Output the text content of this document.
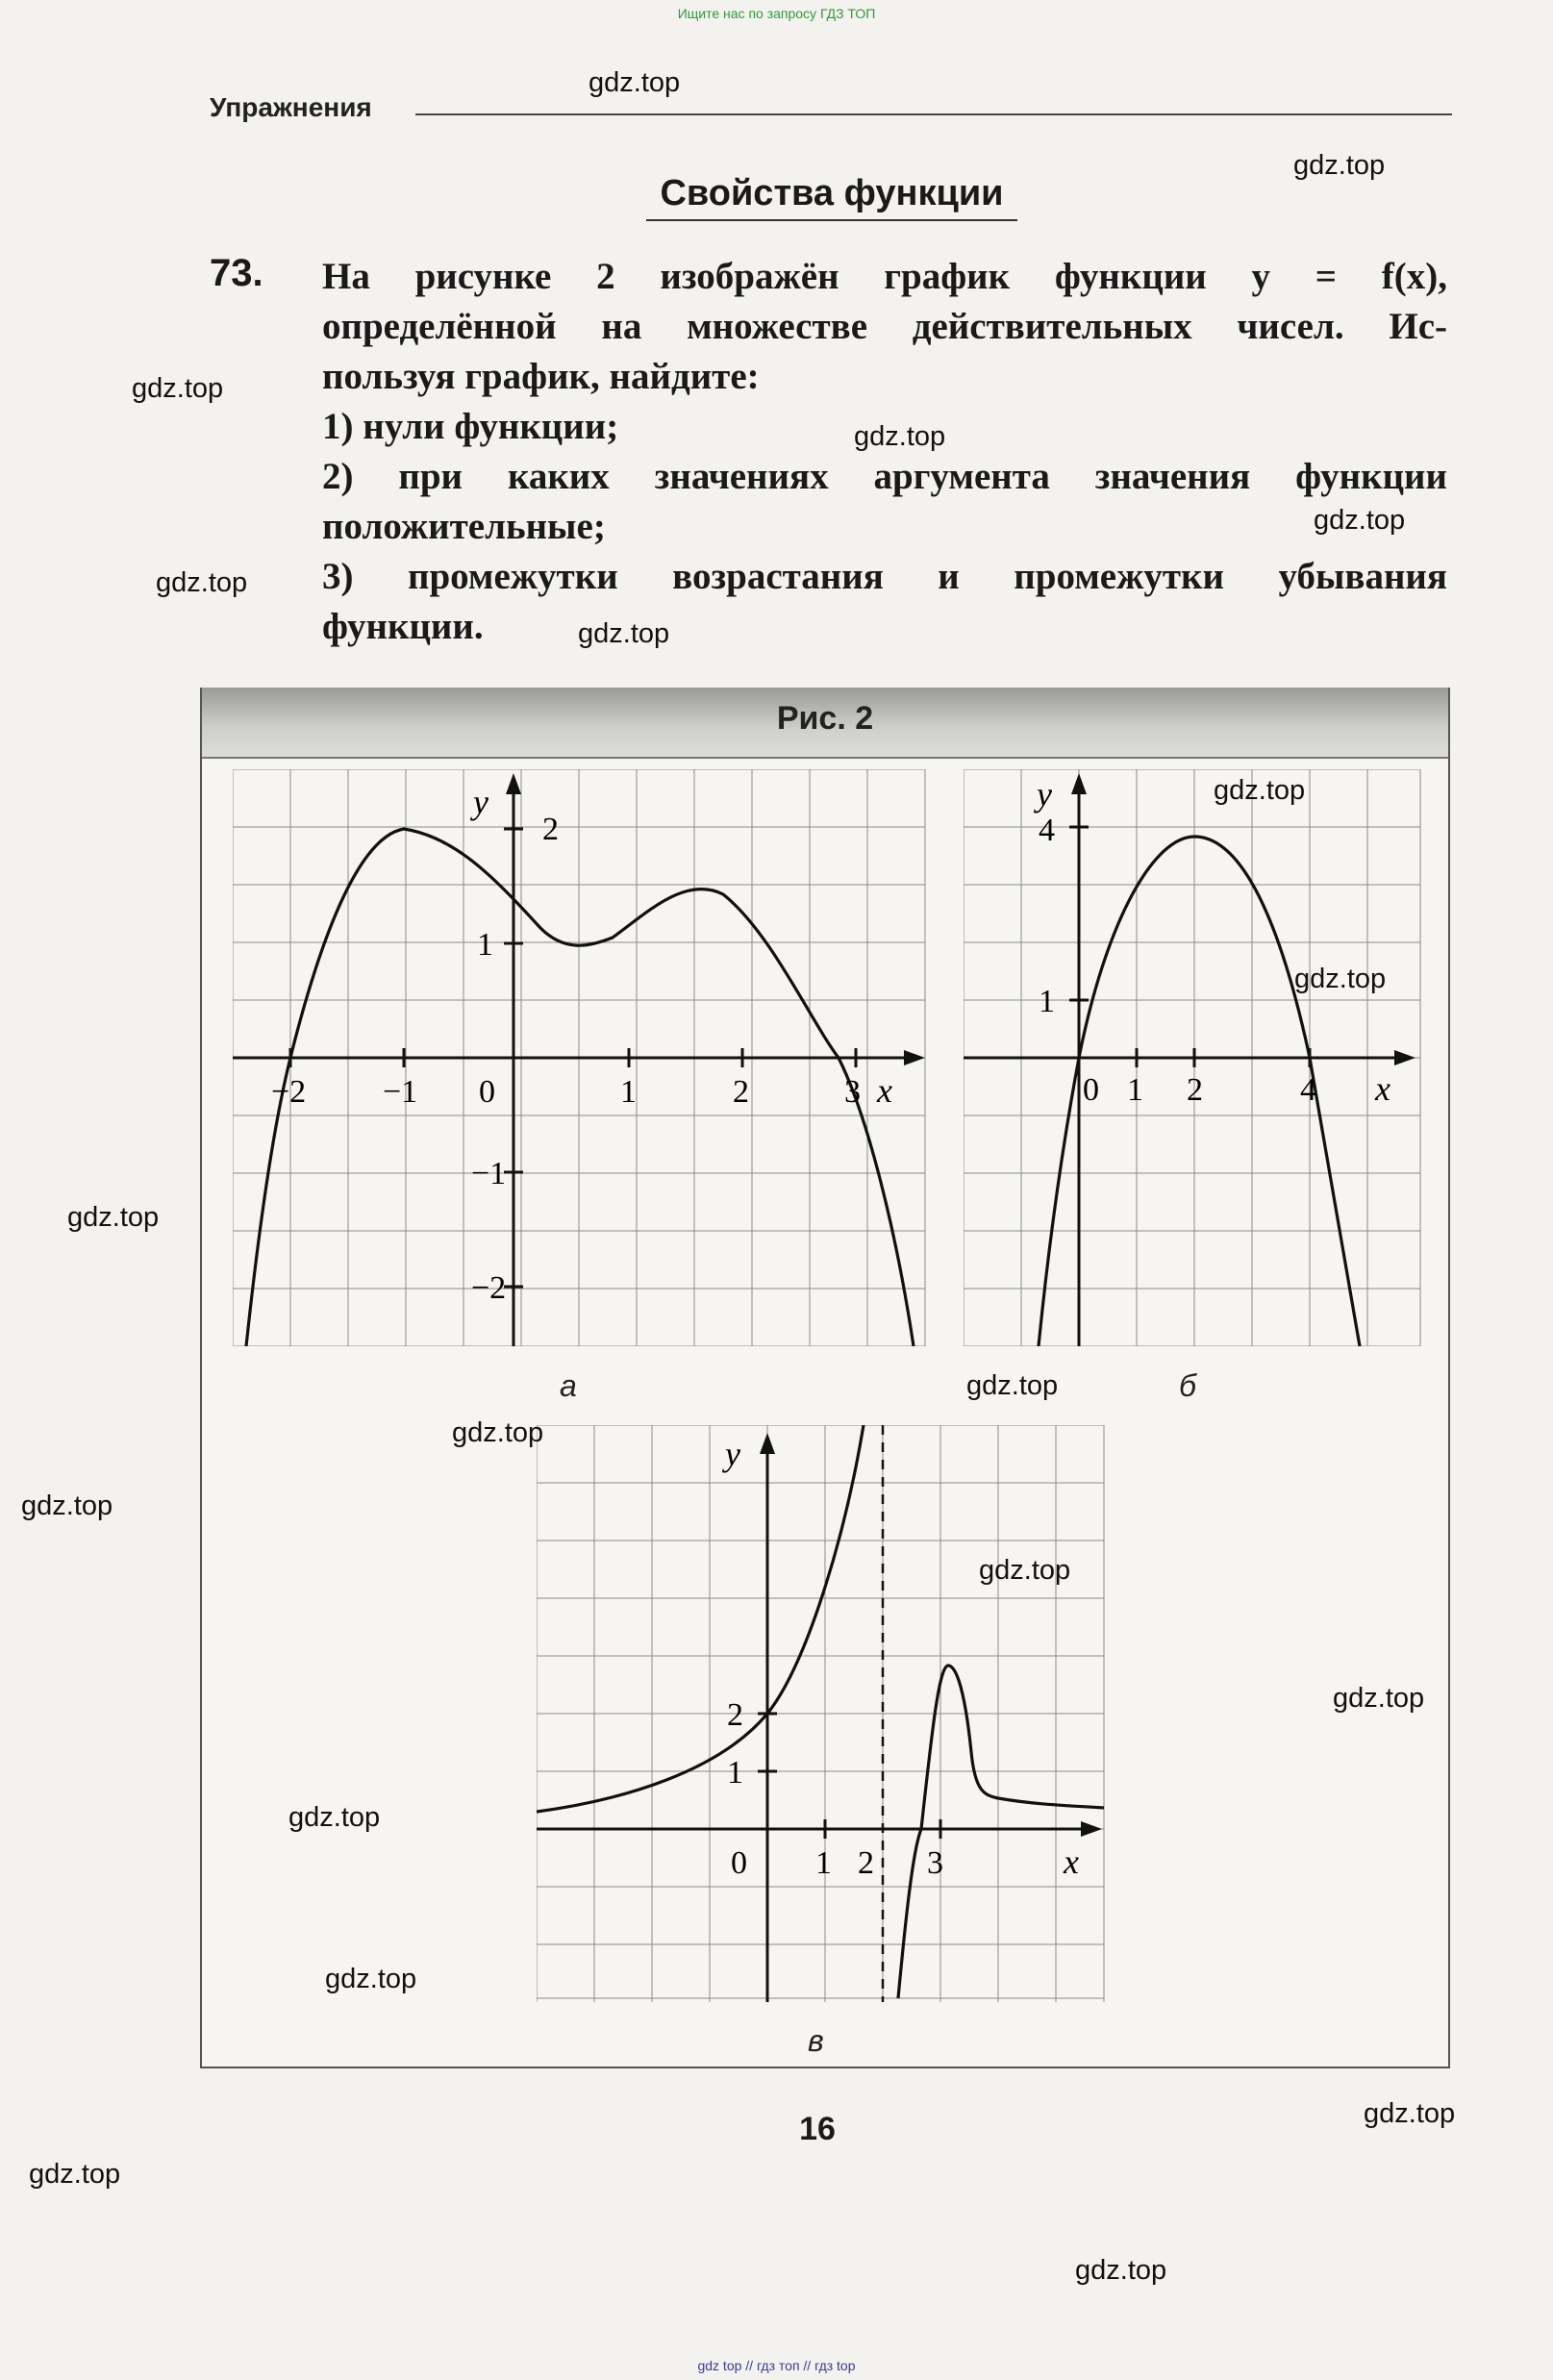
Ищите нас по запросу ГДЗ ТОП
Упражнения
Свойства функции
73. На рисунке 2 изображён график функции y = f(x),
определённой на множестве действительных чисел. Ис-
пользуя график, найдите:
1) нули функции;
2) при каких значениях аргумента значения функции
положительные;
3) промежутки возрастания и промежутки убывания
функции.
Рис. 2
y
x
−2 −1 0	1	2	3
2
1
−1
−2
а
y
x
0 1 2	4
4
1
б
y
x
0 1 2 3
2
1
в
16
gdz.top
gdz.top
gdz.top
gdz.top
gdz.top
gdz.top
gdz.top
gdz.top
gdz.top
gdz.top
gdz.top
gdz.top
gdz.top
gdz.top
gdz.top
gdz.top
gdz.top
gdz.top
gdz.top
gdz.top
gdz top // гдз топ // гдз top
